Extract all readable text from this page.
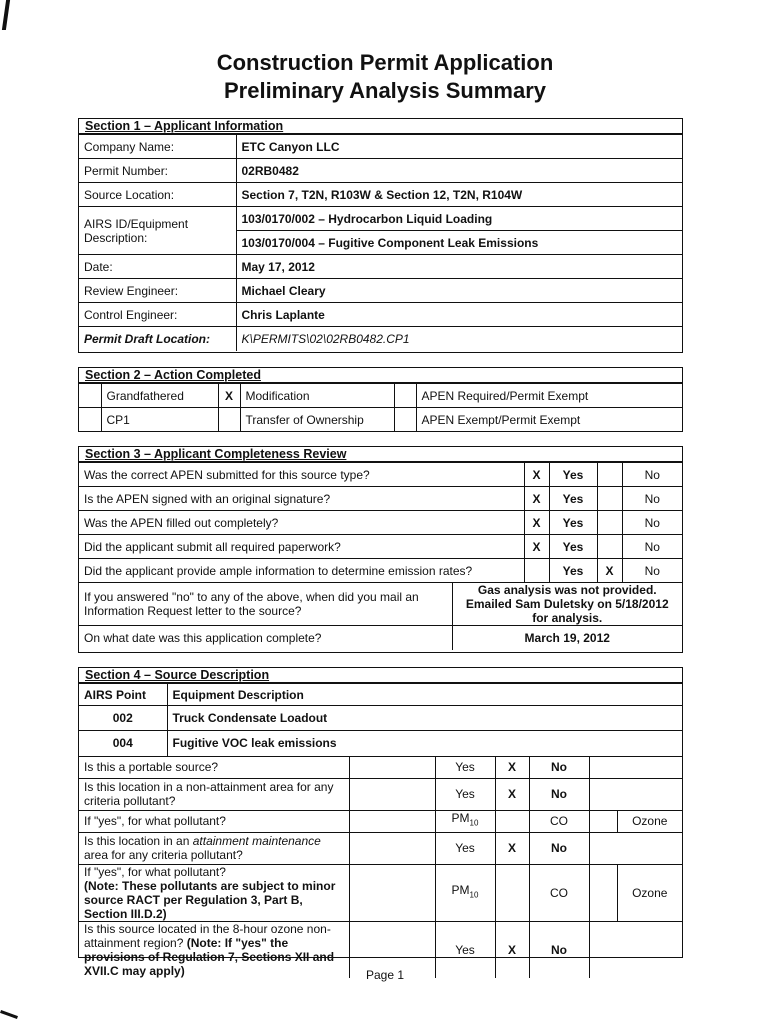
Construction Permit Application
Preliminary Analysis Summary
Section 1 – Applicant Information
Company Name:	ETC Canyon LLC
Permit Number:	02RB0482
Source Location:	Section 7, T2N, R103W & Section 12, T2N, R104W
AIRS ID/Equipment Description:	103/0170/002 – Hydrocarbon Liquid Loading
	103/0170/004 – Fugitive Component Leak Emissions
Date:	May 17, 2012
Review Engineer:	Michael Cleary
Control Engineer:	Chris Laplante
Permit Draft Location:	K\PERMITS\02\02RB0482.CP1
Section 2 – Action Completed
	Grandfathered	X	Modification		APEN Required/Permit Exempt
	CP1		Transfer of Ownership		APEN Exempt/Permit Exempt
Section 3 – Applicant Completeness Review
Was the correct APEN submitted for this source type?		X	Yes		No
Is the APEN signed with an original signature?		X	Yes		No
Was the APEN filled out completely?		X	Yes		No
Did the applicant submit all required paperwork?		X	Yes		No
Did the applicant provide ample information to determine emission rates?			Yes	X	No
If you answered "no" to any of the above, when did you mail an Information Request letter to the source?	Gas analysis was not provided. Emailed Sam Duletsky on 5/18/2012 for analysis.				
On what date was this application complete?	March 19, 2012				
Section 4 – Source Description
AIRS Point	Equipment Description
002	Truck Condensate Loadout
004	Fugitive VOC leak emissions
Is this a portable source?		Yes	X	No		
Is this location in a non-attainment area for any criteria pollutant?		Yes	X	No		
If "yes", for what pollutant?		$PM_{10}$		CO		Ozone
Is this location in an attainment maintenance area for any criteria pollutant?		Yes	X	No		
If "yes", for what pollutant?
(Note: These pollutants are subject to minor source RACT per Regulation 3, Part B, Section III.D.2)		$PM_{10}$		CO		Ozone
Is this source located in the 8-hour ozone non-attainment region? (Note: If "yes" the provisions of Regulation 7, Sections XII and XVII.C may apply)		Yes	X	No		
Page 1
